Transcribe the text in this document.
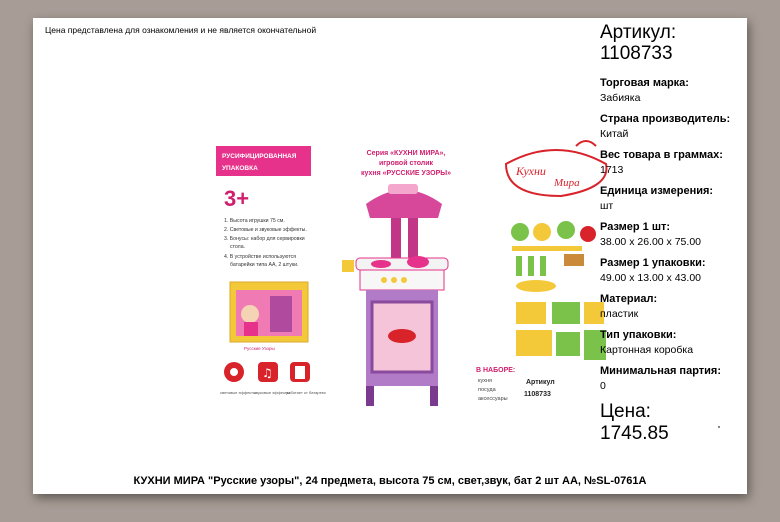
Цена представлена для ознакомления и не является окончательной
РУСИФИЦИРОВАННАЯ
УПАКОВКА
3+
1. Высота игрушки 75 см.
2. Световые и звуковые эффекты.
3. Бонусы: набор для сервировки
стола.
4. В устройстве используются
батарейки типа АА, 2 штуки.
Русские Узоры
♫
световые эффекты
звуковые эффекты
работает от батареек
Серия «КУХНИ МИРА»,
игровой столик
кухня «РУССКИЕ УЗОРЫ»
В НАБОРЕ:
кухня
посуда
аксессуары
Артикул
1108733
Кухни
Мира
Артикул:
1108733
Торговая марка:
Забияка
Страна производитель:
Китай
Вес товара в граммах:
1713
Единица измерения:
шт
Размер 1 шт:
38.00 x 26.00 x 75.00
Размер 1 упаковки:
49.00 x 13.00 x 43.00
Материал:
пластик
Тип упаковки:
Картонная коробка
Минимальная партия:
0
Цена:
1745.85
КУХНИ МИРА "Русские узоры", 24 предмета, высота 75 см, свет,звук, бат 2 шт АА, №SL-0761A
